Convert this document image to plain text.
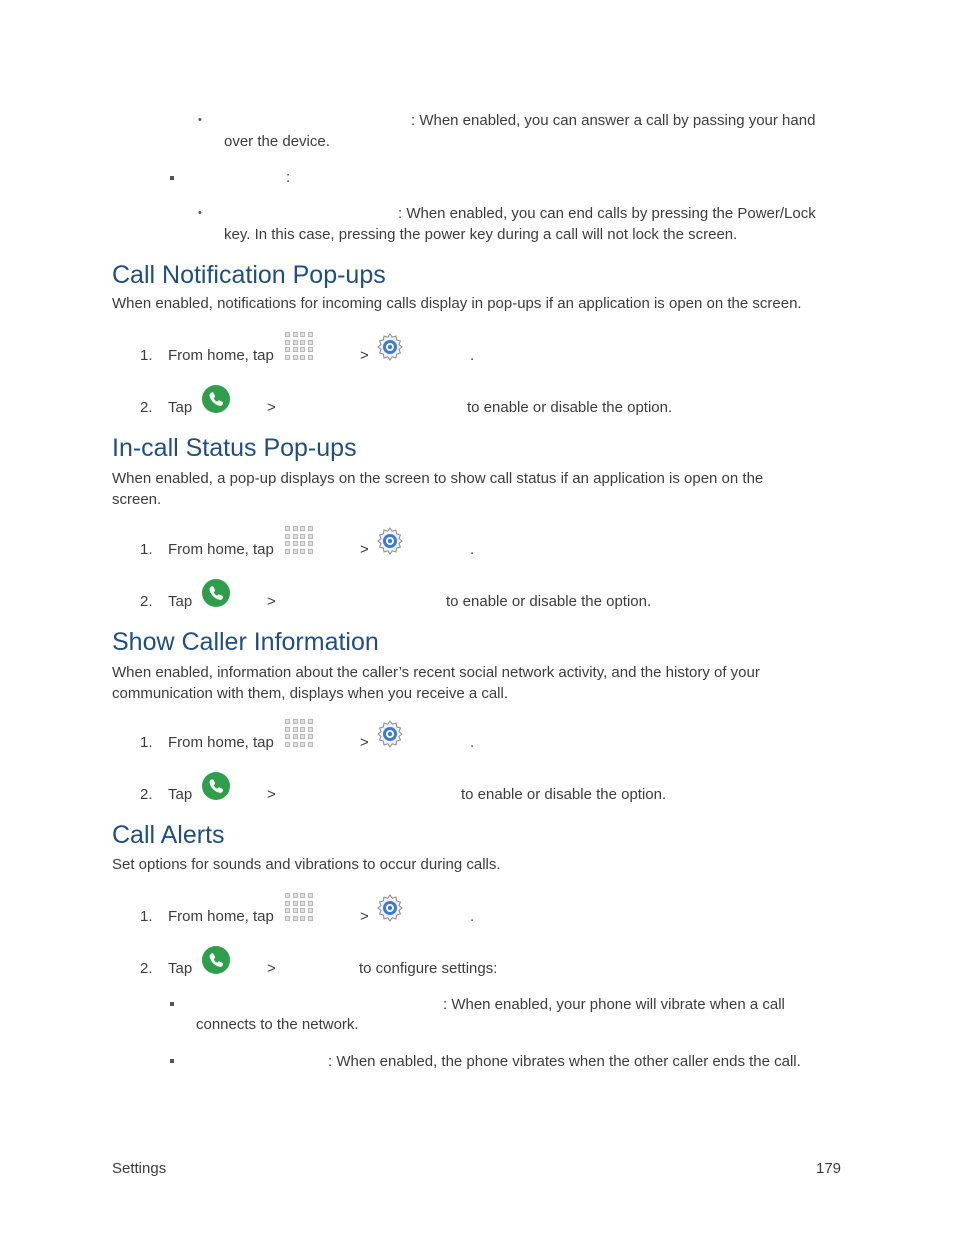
•	: When enabled, you can answer a call by passing your hand
over the device.
:
•	: When enabled, you can end calls by pressing the Power/Lock
key. In this case, pressing the power key during a call will not lock the screen.
Call Notification Pop-ups
When enabled, notifications for incoming calls display in pop-ups if an application is open on the screen.
1. From home, tap	>	.
2. Tap	>	to enable or disable the option.
In-call Status Pop-ups
When enabled, a pop-up displays on the screen to show call status if an application is open on the screen.
1. From home, tap	>	.
2. Tap	>	to enable or disable the option.
Show Caller Information
When enabled, information about the caller’s recent social network activity, and the history of your communication with them, displays when you receive a call.
1. From home, tap	>	.
2. Tap	>	to enable or disable the option.
Call Alerts
Set options for sounds and vibrations to occur during calls.
1. From home, tap	>	.
2. Tap	>	to configure settings:
: When enabled, your phone will vibrate when a call
connects to the network.
: When enabled, the phone vibrates when the other caller ends the call.
Settings	179
